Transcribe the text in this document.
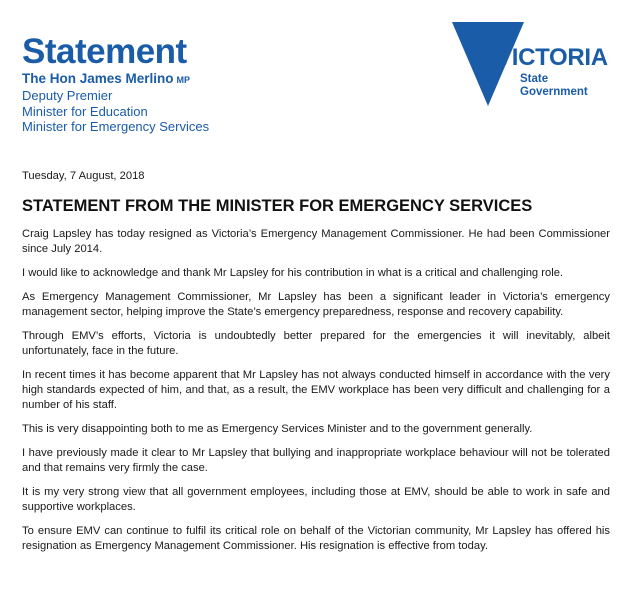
Statement
The Hon James Merlino MP
Deputy Premier
Minister for Education
Minister for Emergency Services
VICTORIA
State
Government

Tuesday, 7 August, 2018

STATEMENT FROM THE MINISTER FOR EMERGENCY SERVICES

Craig Lapsley has today resigned as Victoria’s Emergency Management Commissioner. He had been Commissioner since July 2014.

I would like to acknowledge and thank Mr Lapsley for his contribution in what is a critical and challenging role.

As Emergency Management Commissioner, Mr Lapsley has been a significant leader in Victoria’s emergency management sector, helping improve the State’s emergency preparedness, response and recovery capability.

Through EMV’s efforts, Victoria is undoubtedly better prepared for the emergencies it will inevitably, albeit unfortunately, face in the future.

In recent times it has become apparent that Mr Lapsley has not always conducted himself in accordance with the very high standards expected of him, and that, as a result, the EMV workplace has been very difficult and challenging for a number of his staff.

This is very disappointing both to me as Emergency Services Minister and to the government generally.

I have previously made it clear to Mr Lapsley that bullying and inappropriate workplace behaviour will not be tolerated and that remains very firmly the case.

It is my very strong view that all government employees, including those at EMV, should be able to work in safe and supportive workplaces.

To ensure EMV can continue to fulfil its critical role on behalf of the Victorian community, Mr Lapsley has offered his resignation as Emergency Management Commissioner. His resignation is effective from today.
